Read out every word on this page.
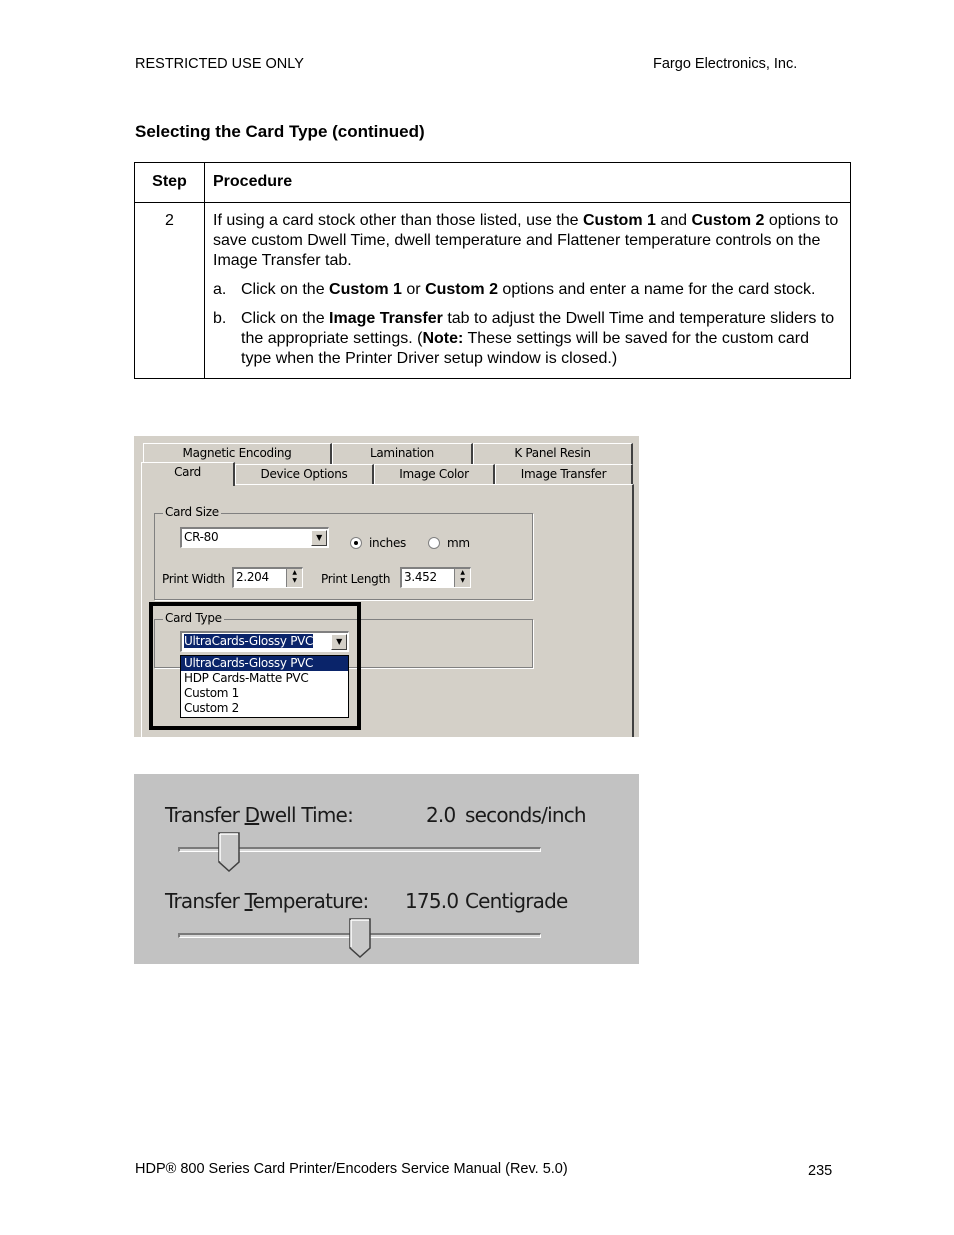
RESTRICTED USE ONLY	Fargo Electronics, Inc.
Selecting the Card Type (continued)
Step	Procedure
2	If using a card stock other than those listed, use the Custom 1 and Custom 2 options to save custom Dwell Time, dwell temperature and Flattener temperature controls on the Image Transfer tab.
a. Click on the Custom 1 or Custom 2 options and enter a name for the card stock.
b. Click on the Image Transfer tab to adjust the Dwell Time and temperature sliders to the appropriate settings. (Note: These settings will be saved for the custom card type when the Printer Driver setup window is closed.)
Magnetic Encoding	Lamination	K Panel Resin
Card	Device Options	Image Color	Image Transfer
Card Size
CR-80	▼	inches	mm
Print Width 2.204	▲
▼	Print Length	3.452	▲
▼
Card Type
UltraCards-Glossy PVC	▼
UltraCards-Glossy PVC
HDP Cards-Matte PVC
Custom 1
Custom 2
Transfer Dwell Time:	2.0 seconds/inch
Transfer Temperature: 175.0 Centigrade
HDP® 800 Series Card Printer/Encoders Service Manual (Rev. 5.0)	235
